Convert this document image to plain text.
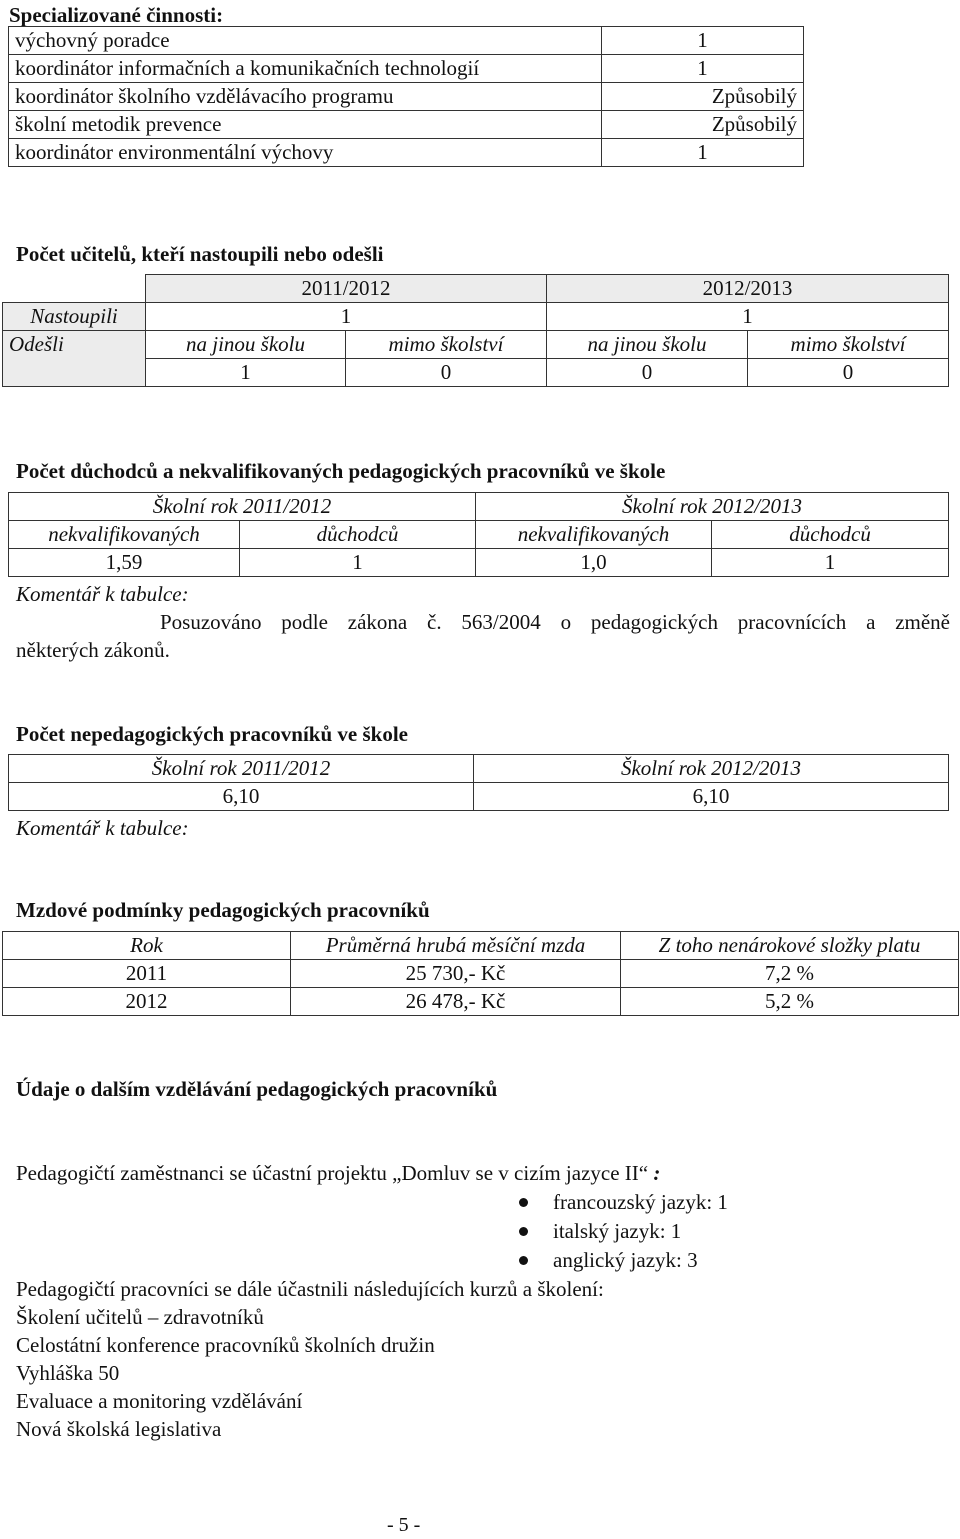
Specializované činnosti:
výchovný poradce	1
koordinátor informačních a komunikačních technologií	1
koordinátor školního vzdělávacího programu	Způsobilý
školní metodik prevence	Způsobilý
koordinátor environmentální výchovy	1
Počet učitelů, kteří nastoupili nebo odešli
	2011/2012		2012/2013	
Nastoupili	1		1	
Odešli	na jinou školu	mimo školství	na jinou školu	mimo školství
	1	0	0	0
Počet důchodců a nekvalifikovaných pedagogických pracovníků ve škole
Školní rok 2011/2012		Školní rok 2012/2013	
nekvalifikovaných	důchodců	nekvalifikovaných	důchodců
1,59	1	1,0	1
Komentář k tabulce:
Posuzováno podle zákona č. 563/2004 o pedagogických pracovnících a změně
některých zákonů.
Počet nepedagogických pracovníků ve škole
Školní rok 2011/2012	Školní rok 2012/2013
6,10	6,10
Komentář k tabulce:
Mzdové podmínky pedagogických pracovníků
Rok	Průměrná hrubá měsíční mzda	Z toho nenárokové složky platu
2011	25 730,- Kč	7,2 %
2012	26 478,- Kč	5,2 %
Údaje o dalším vzdělávání pedagogických pracovníků
Pedagogičtí zaměstnanci se účastní projektu „Domluv se v cizím jazyce II“ :
francouzský jazyk: 1
italský jazyk: 1
anglický jazyk: 3
Pedagogičtí pracovníci se dále účastnili následujících kurzů a školení:
Školení učitelů – zdravotníků
Celostátní konference pracovníků školních družin
Vyhláška 50
Evaluace a monitoring vzdělávání
Nová školská legislativa
- 5 -
